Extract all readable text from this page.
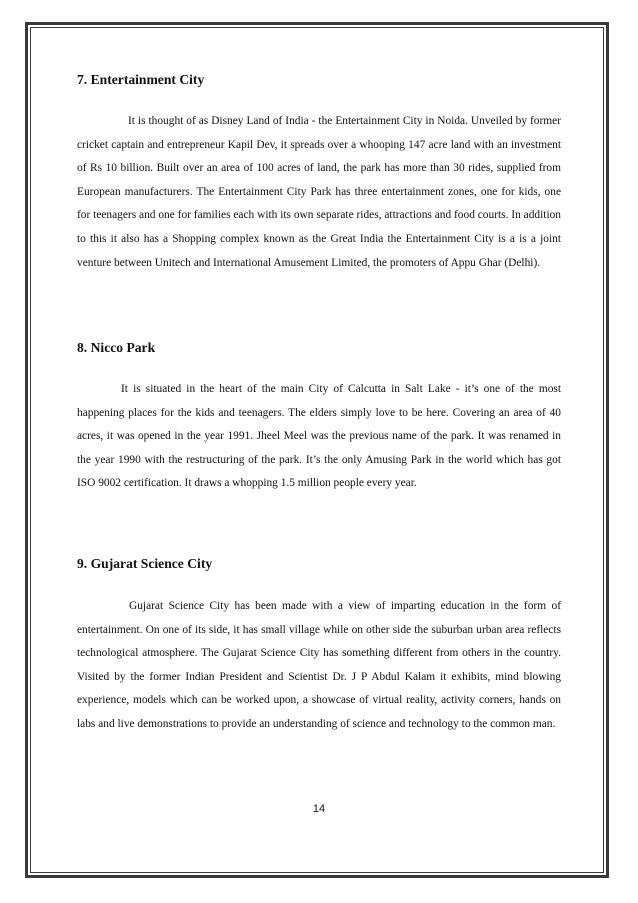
7. Entertainment City

It is thought of as Disney Land of India - the Entertainment City in Noida. Unveiled by former cricket captain and entrepreneur Kapil Dev, it spreads over a whooping 147 acre land with an investment of Rs 10 billion. Built over an area of 100 acres of land, the park has more than 30 rides, supplied from European manufacturers. The Entertainment City Park has three entertainment zones, one for kids, one for teenagers and one for families each with its own separate rides, attractions and food courts. In addition to this it also has a Shopping complex known as the Great India the Entertainment City is a is a joint venture between Unitech and International Amusement Limited, the promoters of Appu Ghar (Delhi).

8. Nicco Park

It is situated in the heart of the main City of Calcutta in Salt Lake - it’s one of the most happening places for the kids and teenagers. The elders simply love to be here. Covering an area of 40 acres, it was opened in the year 1991. Jheel Meel was the previous name of the park. It was renamed in the year 1990 with the restructuring of the park. It’s the only Amusing Park in the world which has got ISO 9002 certification. It draws a whopping 1.5 million people every year.

9. Gujarat Science City

Gujarat Science City has been made with a view of imparting education in the form of entertainment. On one of its side, it has small village while on other side the suburban urban area reflects technological atmosphere. The Gujarat Science City has something different from others in the country. Visited by the former Indian President and Scientist Dr. J P Abdul Kalam it exhibits, mind blowing experience, models which can be worked upon, a showcase of virtual reality, activity corners, hands on labs and live demonstrations to provide an understanding of science and technology to the common man.

14
